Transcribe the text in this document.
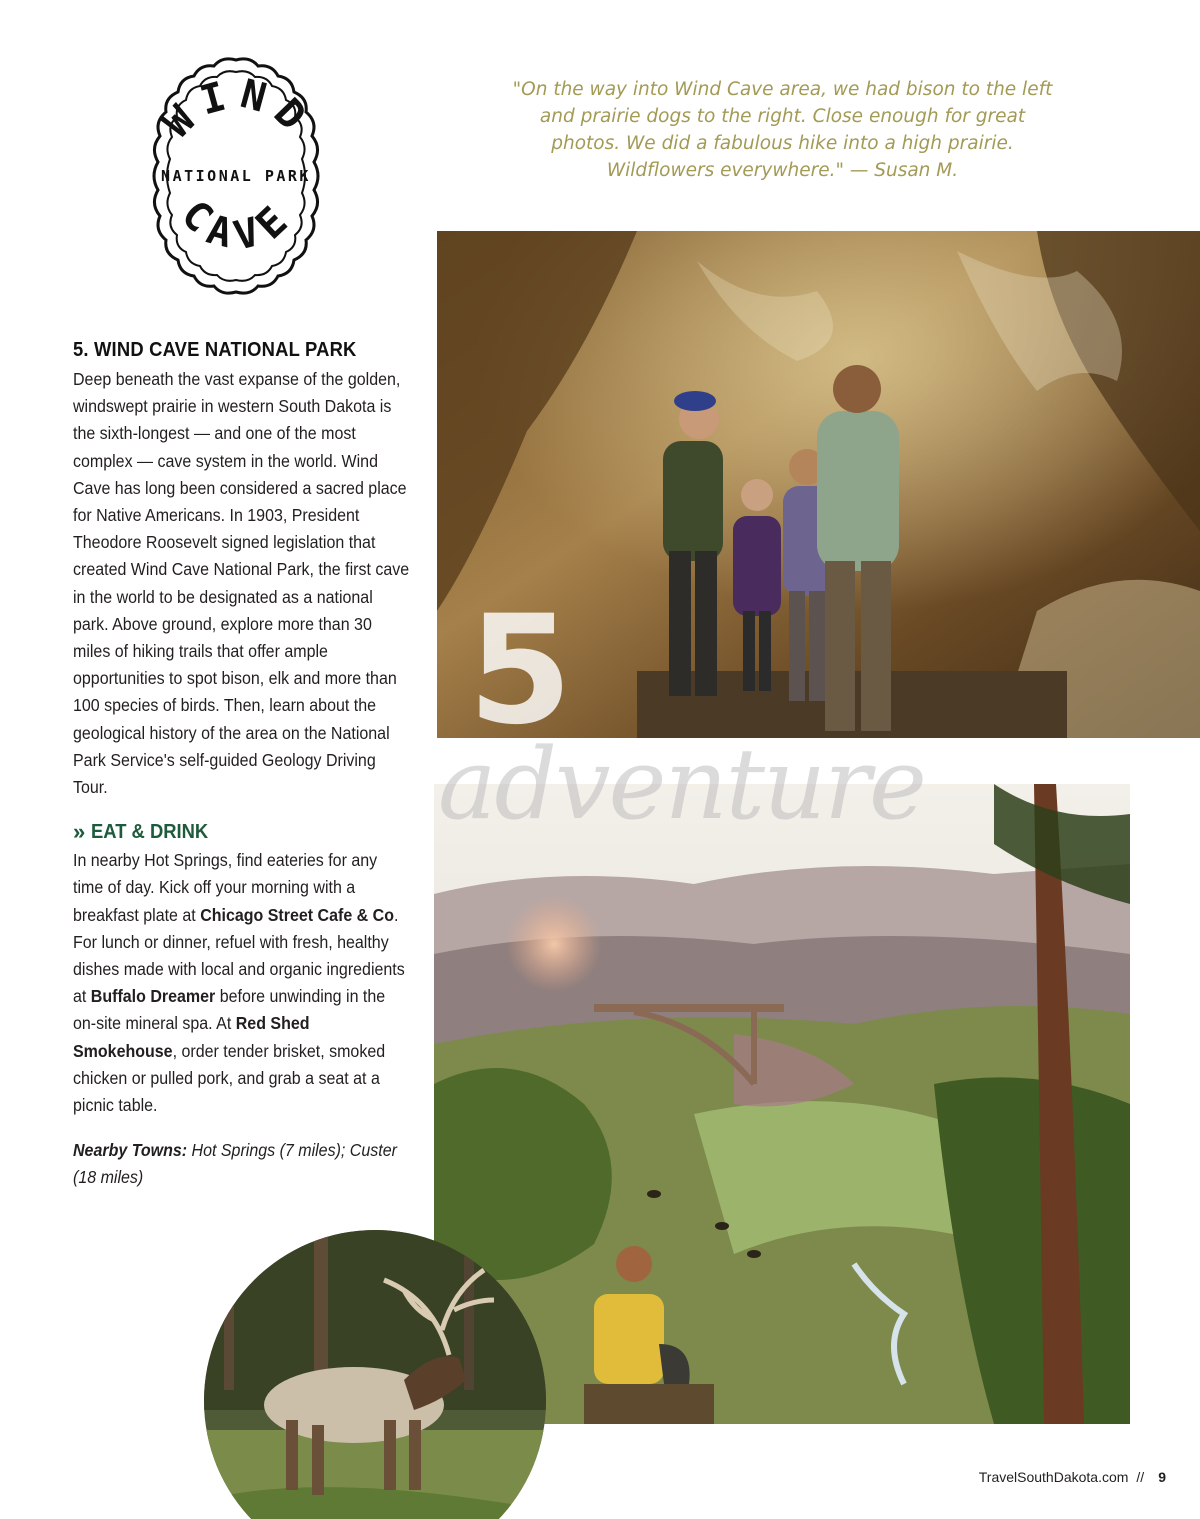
WIND
NATIONAL PARK
CAVE

"On the way into Wind Cave area, we had bison to the left and prairie dogs to the right. Close enough for great photos. We did a fabulous hike into a high prairie. Wildflowers everywhere." — Susan M.

5
adventure
5. WIND CAVE NATIONAL PARK

Deep beneath the vast expanse of the golden, windswept prairie in western South Dakota is the sixth-longest — and one of the most complex — cave system in the world. Wind Cave has long been considered a sacred place for Native Americans. In 1903, President Theodore Roosevelt signed legislation that created Wind Cave National Park, the first cave in the world to be designated as a national park. Above ground, explore more than 30 miles of hiking trails that offer ample opportunities to spot bison, elk and more than 100 species of birds. Then, learn about the geological history of the area on the National Park Service's self-guided Geology Driving Tour.

» EAT & DRINK

In nearby Hot Springs, find eateries for any time of day. Kick off your morning with a breakfast plate at Chicago Street Cafe & Co. For lunch or dinner, refuel with fresh, healthy dishes made with local and organic ingredients at Buffalo Dreamer before unwinding in the on-site mineral spa. At Red Shed Smokehouse, order tender brisket, smoked chicken or pulled pork, and grab a seat at a picnic table.

Nearby Towns: Hot Springs (7 miles); Custer (18 miles)

TravelSouthDakota.com // 9
